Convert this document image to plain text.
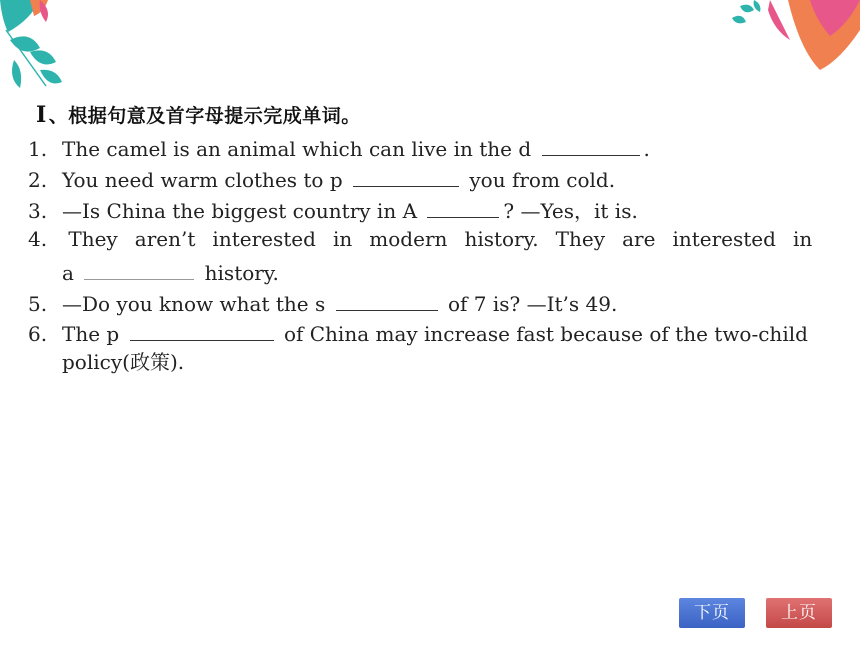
Ⅰ 、根据句意及首字母提示完成单词。
1. The camel is an animal which can live in the d	.
2. You need warm clothes to p	you from cold.
3. —Is China the biggest country in A	? —Yes，it is.
4. They aren’t interested in modern history. They are interested in
a	history.
5. —Do you know what the s	of 7 is? —It’s 49.
6. The p	of China may increase fast because of the two-child
policy(政策).
下页	上页
